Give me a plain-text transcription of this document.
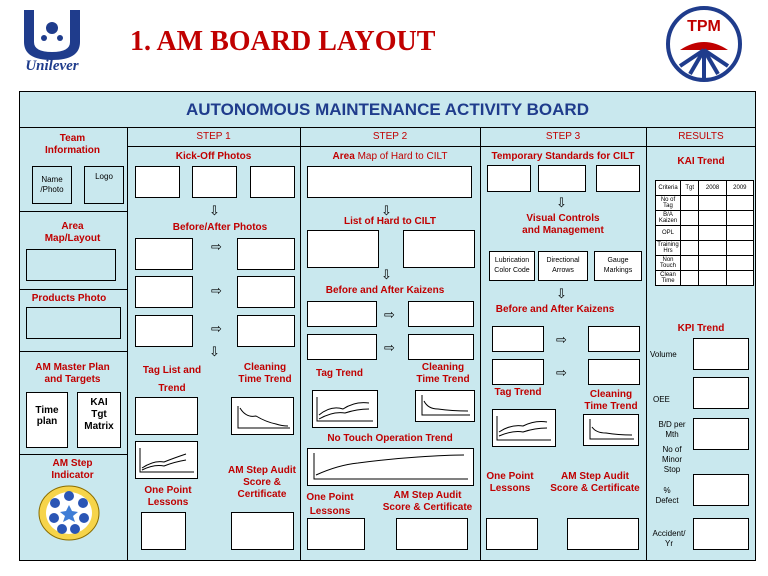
Unilever
1. AM BOARD LAYOUT	TPM
AUTONOMOUS MAINTENANCE ACTIVITY BOARD
STEP 1	STEP 2	STEP 3	RESULTS
Team
Information
Name
/Photo
Logo
Area
Map/Layout
Products Photo
AM Master Plan
and Targets
Time
plan
KAI
Tgt
Matrix
AM Step
Indicator
Kick-Off Photos
⇩
Before/After Photos
⇨
⇨
⇨
⇩
Tag List and
Trend
Cleaning
Time Trend
One Point
Lessons
AM Step Audit
Score &
Certificate
Area Map of Hard to CILT
⇩
List of Hard to CILT
⇩
Before and After Kaizens
⇨
⇨
Tag Trend
Cleaning
Time Trend
No Touch Operation Trend
One Point
Lessons
AM Step Audit
Score & Certificate
Temporary Standards for CILT
⇩
Visual Controls
and Management
Lubrication
Color Code
Directional
Arrows
Gauge
Markings
⇩
Before and After Kaizens
⇨
⇨
Tag Trend	Cleaning
Time Trend
One Point
Lessons
AM Step Audit
Score & Certificate
KAI Trend
Criteria	Tgt	2008	2009
No of Tag			
B/A Kaizen			
OPL			
Training Hrs			
Non Touch			
Clean Time			
KPI Trend
Volume
OEE
B/D per
Mth
No of
Minor
Stop
%
Defect
Accident/
Yr
